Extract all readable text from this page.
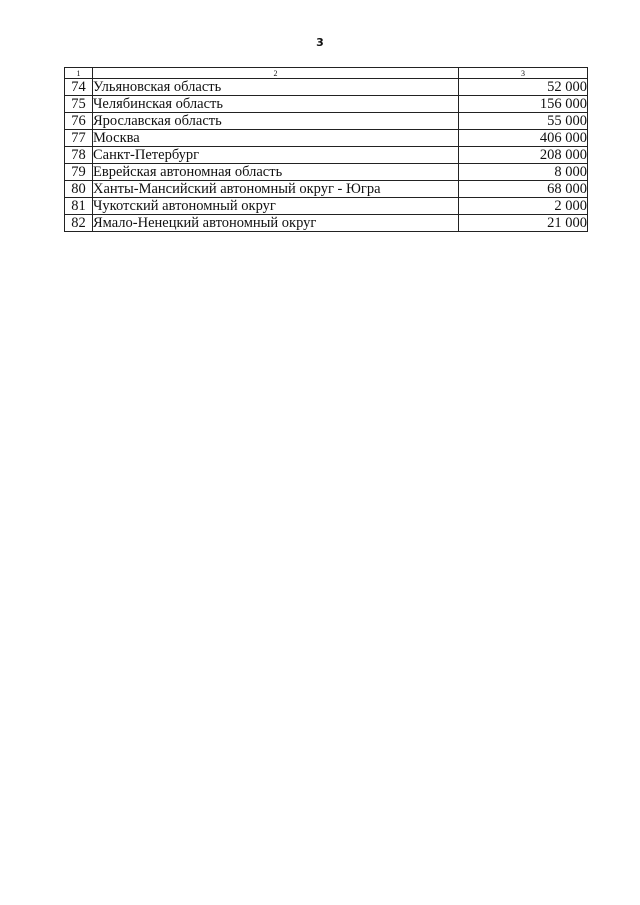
3
1	2	3
74	Ульяновская область	52 000
75	Челябинская область	156 000
76	Ярославская область	55 000
77	Москва	406 000
78	Санкт-Петербург	208 000
79	Еврейская автономная область	8 000
80	Ханты-Мансийский автономный округ - Югра	68 000
81	Чукотский автономный округ	2 000
82	Ямало-Ненецкий автономный округ	21 000
